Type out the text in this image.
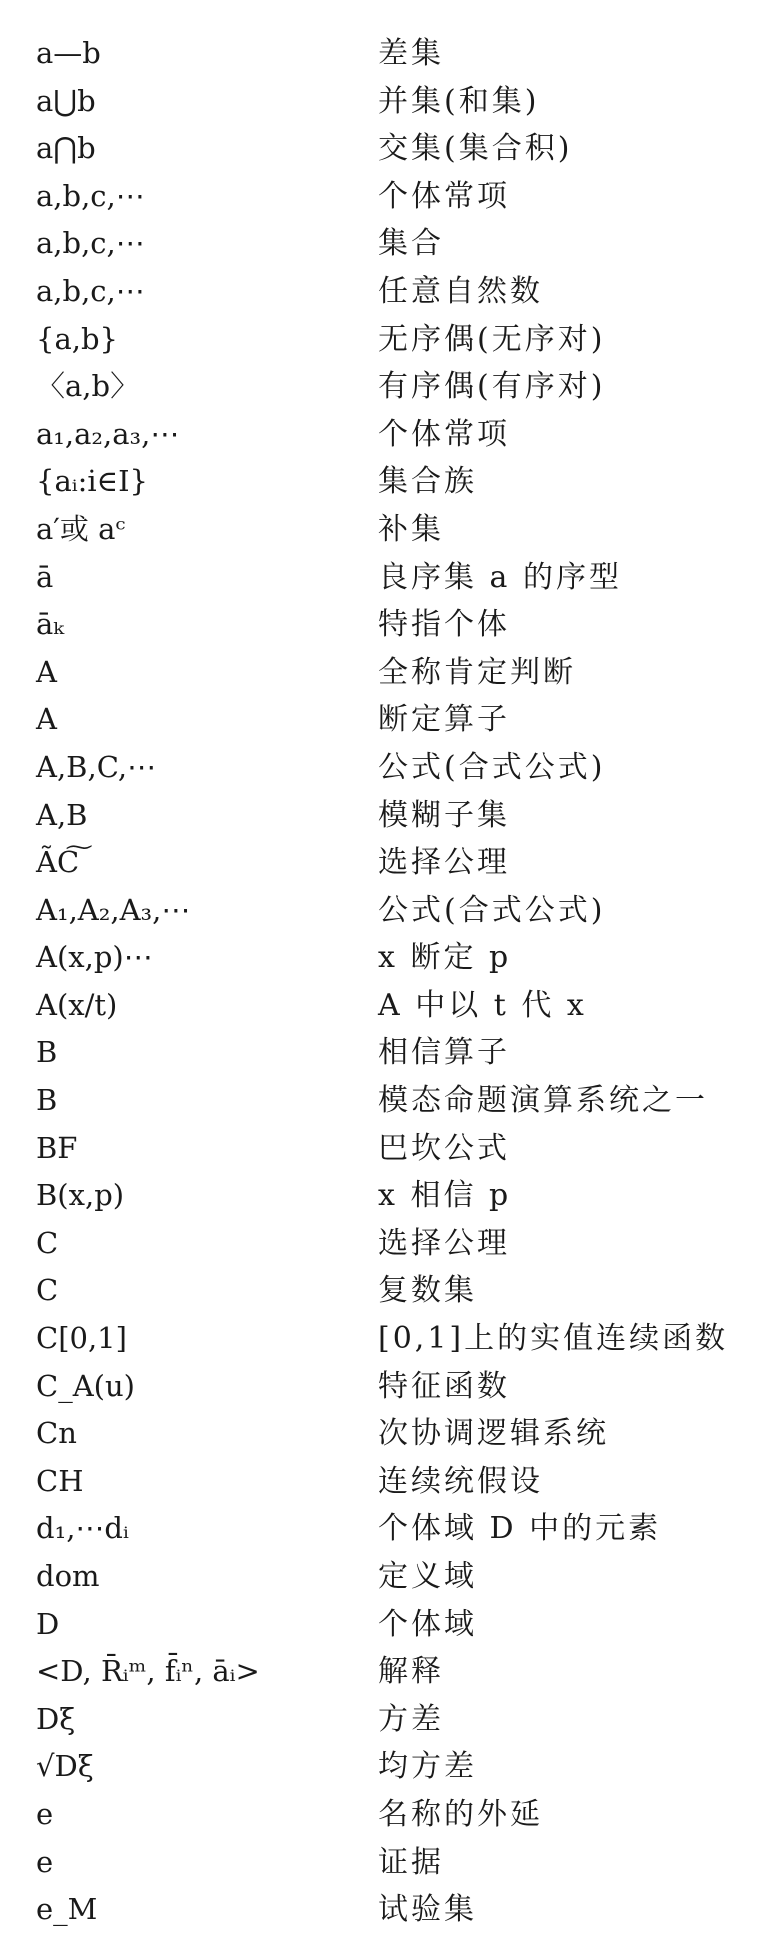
a—b	差集
a⋃b	并集(和集)
a⋂b	交集(集合积)
a,b,c,⋯	个体常项
a,b,c,⋯	集合
a,b,c,⋯	任意自然数
{a,b}	无序偶(无序对)
〈a,b〉	有序偶(有序对)
a₁,a₂,a₃,⋯	个体常项
{aᵢ:i∈I}	集合族
a′或 aᶜ	补集
ā	良序集 a 的序型
āₖ	特指个体
A	全称肯定判断
A	断定算子
A,B,C,⋯	公式(合式公式)
A,B	模糊子集
ÃC͠	选择公理
A₁,A₂,A₃,⋯	公式(合式公式)
A(x,p)⋯	x 断定 p
A(x/t)	A 中以 t 代 x
B	相信算子
B	模态命题演算系统之一
BF	巴坎公式
B(x,p)	x 相信 p
C	选择公理
C	复数集
C[0,1]	[0,1]上的实值连续函数
C_A(u)	特征函数
Cn	次协调逻辑系统
CH	连续统假设
d₁,⋯dᵢ	个体域 D 中的元素
dom	定义域
D	个体域
<D, R̄ᵢᵐ, f̄ᵢⁿ, āᵢ>	解释
Dξ	方差
√Dξ	均方差
e	名称的外延
e	证据
e_M	试验集
